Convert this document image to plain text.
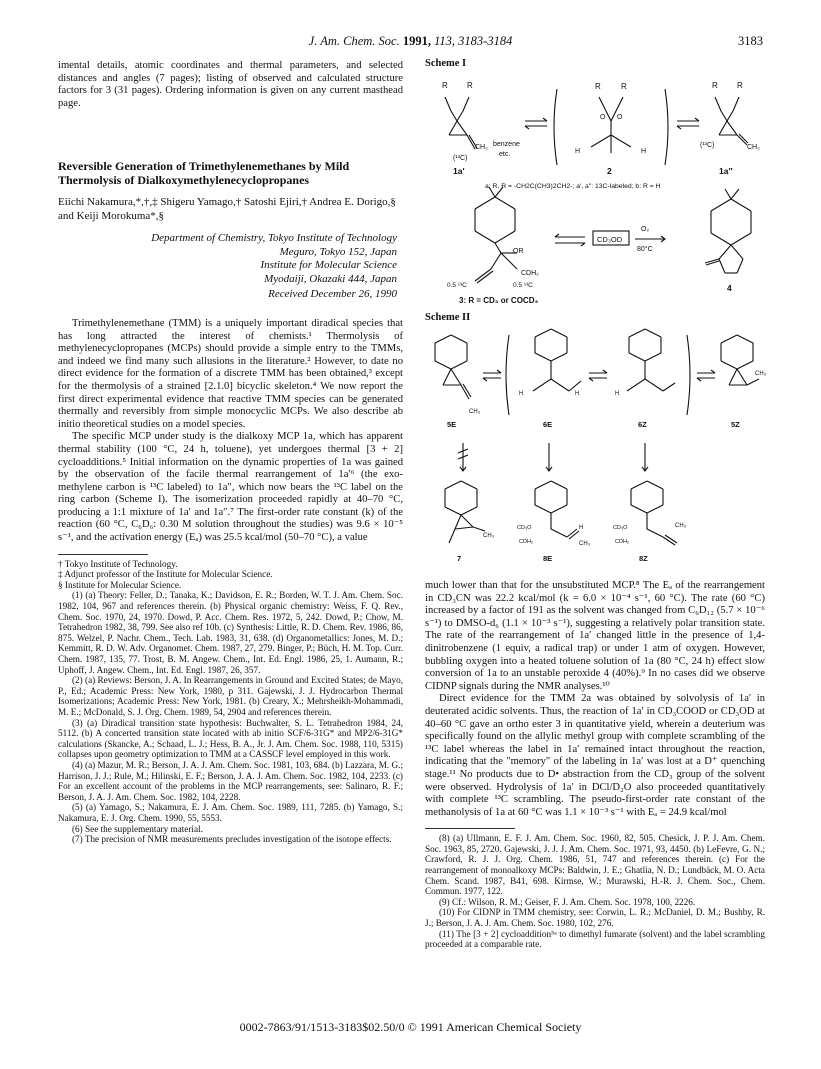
J. Am. Chem. Soc. 1991, 113, 3183-3184	3183

imental details, atomic coordinates and thermal parameters, and selected distances and angles (7 pages); listing of observed and calculated structure factors for 3 (31 pages). Ordering information is given on any current masthead page.

Reversible Generation of Trimethylenemethanes by Mild Thermolysis of Dialkoxymethylenecyclopropanes
Eiichi Nakamura,*,†,‡ Shigeru Yamago,† Satoshi Ejiri,† Andrea E. Dorigo,§ and Keiji Morokuma*,§
Department of Chemistry, Tokyo Institute of Technology
Meguro, Tokyo 152, Japan
Institute for Molecular Science
Myodaiji, Okazaki 444, Japan
Received December 26, 1990

Trimethylenemethane (TMM) is a uniquely important diradical species that has long attracted the interest of chemists.¹ Thermolysis of methylenecyclopropanes (MCPs) should provide a simple entry to the TMMs, and indeed we find many such allusions in the literature.² However, to date no direct evidence for the formation of a discrete TMM has been obtained,³ except for the thermolysis of a strained [2.1.0] bicyclic skeleton.⁴ We now report the first direct experimental evidence that reactive TMM species can be generated thermally and reversibly from simple monocyclic MCPs. We also describe ab initio theoretical studies on a model species.

The specific MCP under study is the dialkoxy MCP 1a, which has apparent thermal stability (100 °C, 24 h, toluene), yet undergoes thermal [3 + 2] cycloadditions.⁵ Initial information on the dynamic properties of 1a was gained by the observation of the facile thermal rearrangement of 1a′⁶ (the exo-methylene carbon is ¹³C labeled) to 1a″, which now bears the ¹³C label on the ring carbon (Scheme I). The isomerization proceeded rapidly at 40–70 °C, producing a 1:1 mixture of 1a′ and 1a″.⁷ The first-order rate constant (k) of the reaction (60 °C, C₆D₆: 0.30 M solution throughout the studies) was 9.6 × 10⁻⁵ s⁻¹, and the activation energy (Eₐ) was 25.5 kcal/mol (50–70 °C), a value

† Tokyo Institute of Technology.

‡ Adjunct professor of the Institute for Molecular Science.

§ Institute for Molecular Science.

(1) (a) Theory: Feller, D.; Tanaka, K.; Davidson, E. R.; Borden, W. T. J. Am. Chem. Soc. 1982, 104, 967 and references therein. (b) Physical organic chemistry: Weiss, F. Q. Rev., Chem. Soc. 1970, 24, 1970. Dowd, P. Acc. Chem. Res. 1972, 5, 242. Dowd, P.; Chow, M. Tetrahedron 1982, 38, 799. See also ref 10b. (c) Synthesis: Little, R. D. Chem. Rev. 1986, 86, 875. Welzel, P. Nachr. Chem., Tech. Lab. 1983, 31, 638. (d) Organometallics: Jones, M. D.; Kemmitt, R. D. W. Adv. Organomet. Chem. 1987, 27, 279. Binger, P.; Büch, H. M. Top. Curr. Chem. 1987, 135, 77. Trost, B. M. Angew. Chem., Int. Ed. Engl. 1986, 25, 1. Aumann, R.; Uphoff, J. Angew. Chem., Int. Ed. Engl. 1987, 26, 357.

(2) (a) Reviews: Berson, J. A. In Rearrangements in Ground and Excited States; de Mayo, P., Ed.; Academic Press: New York, 1980, p 311. Gajewski, J. J. Hydrocarbon Thermal Isomerizations; Academic Press: New York, 1981. (b) Creary, X.; Mehrsheikh-Mohammadi, M. E.; McDonald, S. J. Org. Chem. 1989, 54, 2904 and references therein.

(3) (a) Diradical transition state hypothesis: Buchwalter, S. L. Tetrahedron 1984, 24, 5112. (b) A concerted transition state located with ab initio SCF/6-31G* and MP2/6-31G* calculations (Skancke, A.; Schaad, L. J.; Hess, B. A., Jr. J. Am. Chem. Soc. 1988, 110, 5315) collapses upon geometry optimization to TMM at a CASSCF level employed in this work.

(4) (a) Mazur, M. R.; Berson, J. A. J. Am. Chem. Soc. 1981, 103, 684. (b) Lazzara, M. G.; Harrison, J. J.; Rule, M.; Hilinski, E. F.; Berson, J. A. J. Am. Chem. Soc. 1982, 104, 2233. (c) For an excellent account of the problems in the MCP rearrangements, see: Salinaro, R. F.; Berson, J. A. J. Am. Chem. Soc. 1982, 104, 2228.

(5) (a) Yamago, S.; Nakamura, E. J. Am. Chem. Soc. 1989, 111, 7285. (b) Yamago, S.; Nakamura, E. J. Org. Chem. 1990, 55, 5553.

(6) See the supplementary material.

(7) The precision of NMR measurements precludes investigation of the isotope effects.

Scheme I
R R
CH₂
(¹³C)
benzene
etc.
1a′
R	R
O O
H	H
2
R R
(¹³C)	CH₂
1a″
a: R, R = -CH2C(CH3)2CH2-; a′, a″: 13C-labeled; b: R = H
OR
CDH₂
0.5 ¹³C	0.5 ¹³C
3: R = CD₃ or COCD₃
CD₃OD
O₂
80°C
4
Scheme II
CH₃
5E
H	H
6E
H
6Z
CH₃
5Z
CH₃
7
CD₃O
CDH₂
H
CH₃
8E
CD₃O
CDH₂
CH₃
8Z

much lower than that for the unsubstituted MCP.⁸ The Eₐ of the rearrangement in CD₃CN was 22.2 kcal/mol (k = 6.0 × 10⁻⁴ s⁻¹, 60 °C). The rate (60 °C) increased by a factor of 191 as the solvent was changed from C₆D₁₂ (5.7 × 10⁻⁶ s⁻¹) to DMSO-d₆ (1.1 × 10⁻³ s⁻¹), suggesting a relatively polar transition state. The rate of the rearrangement of 1a′ changed little in the presence of 1,4-dinitrobenzene (1 equiv, a radical trap) or under 1 atm of oxygen. However, bubbling oxygen into a heated toluene solution of 1a (80 °C, 24 h) effect slow conversion of 1a to an unstable peroxide 4 (40%).⁹ In no cases did we observe CIDNP signals during the NMR analyses.¹⁰

Direct evidence for the TMM 2a was obtained by solvolysis of 1a′ in deuterated acidic solvents. Thus, the reaction of 1a′ in CD₃COOD or CD₃OD at 40–60 °C gave an ortho ester 3 in quantitative yield, wherein a deuterium was specifically found on the allylic methyl group with complete scrambling of the ¹³C label whereas the label in 1a′ remained intact throughout the reaction, indicating that the "memory" of the labeling in 1a′ was lost at a D⁺ quenching stage.¹¹ No products due to D• abstraction from the CD₃ group of the solvent were observed. Hydrolysis of 1a′ in DCl/D₂O also proceeded quantitatively with complete ¹³C scrambling. The pseudo-first-order rate constant of the methanolysis of 1a at 60 °C was 1.1 × 10⁻³ s⁻¹ with Eₐ = 24.9 kcal/mol

(8) (a) Ullmann, E. F. J. Am. Chem. Soc. 1960, 82, 505. Chesick, J. P. J. Am. Chem. Soc. 1963, 85, 2720. Gajewski, J. J. J. Am. Chem. Soc. 1971, 93, 4450. (b) LeFevre, G. N.; Crawford, R. J. J. Org. Chem. 1986, 51, 747 and references therein. (c) For the rearrangement of monoalkoxy MCPs: Baldwin, J. E.; Ghatlia, N. D.; Lundbäck, M. O. Acta Chem. Scand. 1987, B41, 698. Kirmse, W.; Murawski, H.-R. J. Chem. Soc., Chem. Commun. 1977, 122.

(9) Cf.: Wilson, R. M.; Geiser, F. J. Am. Chem. Soc. 1978, 100, 2226.

(10) For CIDNP in TMM chemistry, see: Corwin, L. R.; McDaniel, D. M.; Bushby, R. J.; Berson, J. A. J. Am. Chem. Soc. 1980, 102, 276.

(11) The [3 + 2] cycloaddition⁵ᵃ to dimethyl fumarate (solvent) and the label scrambling proceeded at a comparable rate.

0002-7863/91/1513-3183$02.50/0 © 1991 American Chemical Society
